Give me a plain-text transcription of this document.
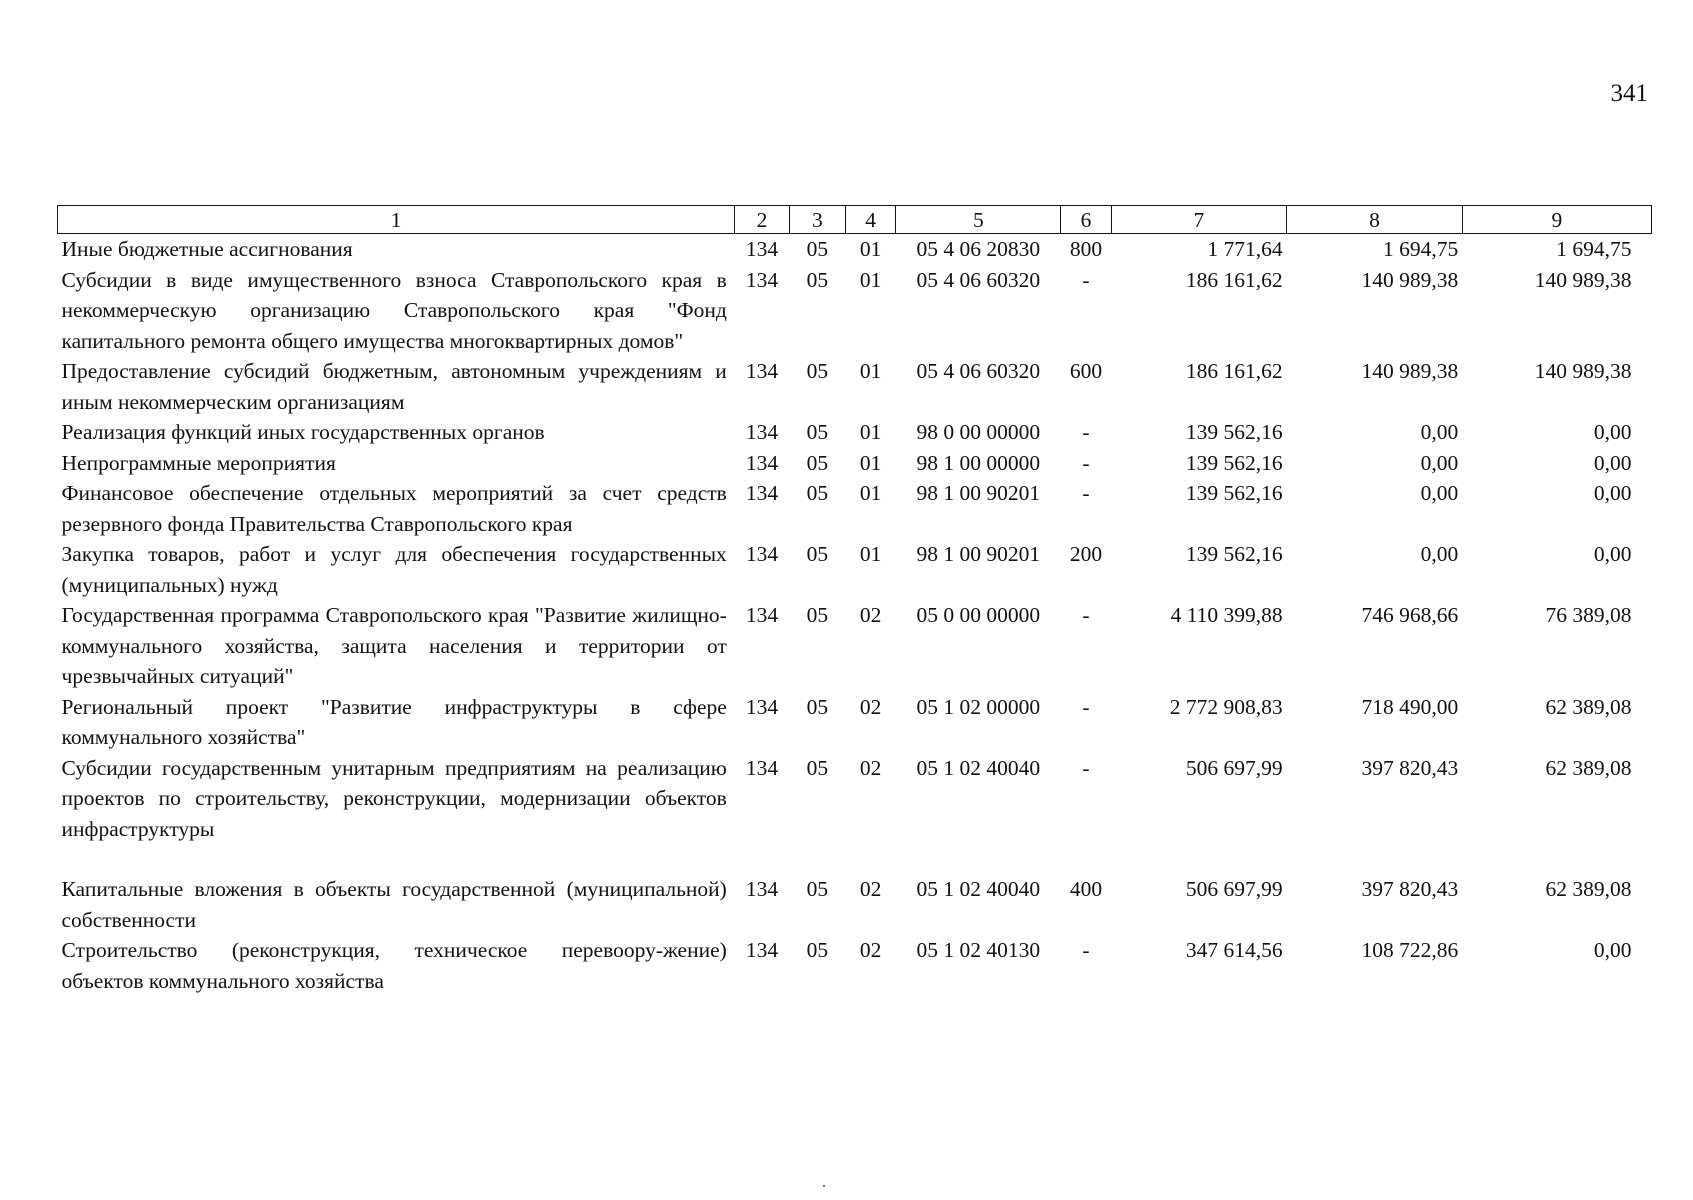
341
1	2	3	4	5	6	7	8	9
Иные бюджетные ассигнования	134	05	01	05 4 06 20830	800	1 771,64	1 694,75	1 694,75
Субсидии в виде имущественного взноса Ставропольского края в некоммерческую организацию Ставропольского края "Фонд капитального ремонта общего имущества многоквартирных домов"	134	05	01	05 4 06 60320	-	186 161,62	140 989,38	140 989,38
Предоставление субсидий бюджетным, автономным учреждениям и иным некоммерческим организациям	134	05	01	05 4 06 60320	600	186 161,62	140 989,38	140 989,38
Реализация функций иных государственных органов	134	05	01	98 0 00 00000	-	139 562,16	0,00	0,00
Непрограммные мероприятия	134	05	01	98 1 00 00000	-	139 562,16	0,00	0,00
Финансовое обеспечение отдельных мероприятий за счет средств резервного фонда Правительства Ставропольского края	134	05	01	98 1 00 90201	-	139 562,16	0,00	0,00
Закупка товаров, работ и услуг для обеспечения государственных (муниципальных) нужд	134	05	01	98 1 00 90201	200	139 562,16	0,00	0,00
Государственная программа Ставропольского края "Развитие жилищно-коммунального хозяйства, защита населения и территории от чрезвычайных ситуаций"	134	05	02	05 0 00 00000	-	4 110 399,88	746 968,66	76 389,08
Региональный проект "Развитие инфраструктуры в сфере коммунального хозяйства"	134	05	02	05 1 02 00000	-	2 772 908,83	718 490,00	62 389,08
Субсидии государственным унитарным предприятиям на реализацию проектов по строительству, реконструкции, модернизации объектов инфраструктуры	134	05	02	05 1 02 40040	-	506 697,99	397 820,43	62 389,08

Капитальные вложения в объекты государственной (муниципальной) собственности	134	05	02	05 1 02 40040	400	506 697,99	397 820,43	62 389,08
Строительство (реконструкция, техническое перевоору-жение) объектов коммунального хозяйства	134	05	02	05 1 02 40130	-	347 614,56	108 722,86	0,00
